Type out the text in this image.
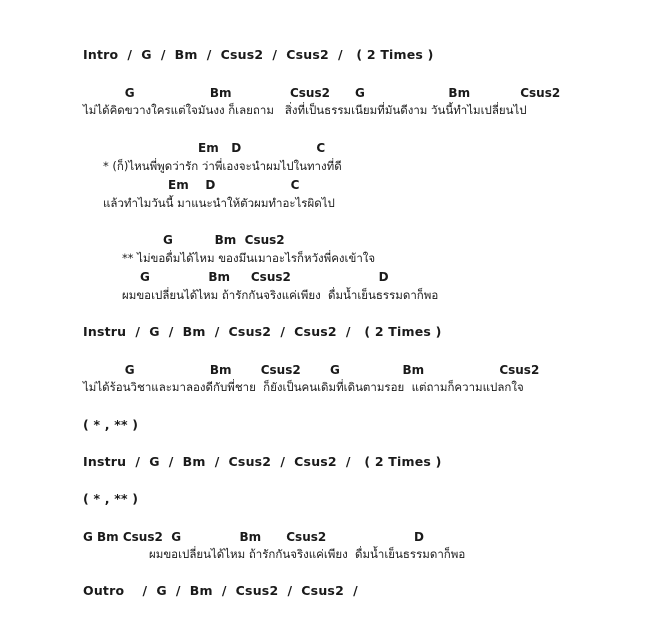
Intro  /  G  /  Bm  /  Csus2  /  Csus2  /   ( 2 Times )
G                  Bm              Csus2      G                    Bm            Csus2
ไม่ได้คิดขวางใครแต่ใจมันงง ก็เลยถาม   สิ่งที่เป็นธรรมเนียมที่มันดีงาม วันนี้ทำไมเปลี่ยนไป
Em   D                  C
* (ก็)ไหนพี่พูดว่ารัก ว่าพี่เองจะนำผมไปในทางที่ดี
Em    D                  C
แล้วทำไมวันนี้ มาแนะนำให้ตัวผมทำอะไรผิดไป
G          Bm  Csus2
** ไม่ขอดื่มได้ไหม ของมึนเมาอะไรก็หวังพี่คงเข้าใจ
G              Bm     Csus2                     D
ผมขอเปลี่ยนได้ไหม ถ้ารักกันจริงแค่เพียง  ดื่มน้ำเย็นธรรมดาก็พอ
Instru  /  G  /  Bm  /  Csus2  /  Csus2  /   ( 2 Times )
G                  Bm       Csus2       G               Bm                  Csus2
ไม่ได้ร้อนวิชาและมาลองดีกับพี่ชาย  ก็ยังเป็นคนเดิมที่เดินตามรอย  แต่ถามก็ความแปลกใจ
( * , ** )
Instru  /  G  /  Bm  /  Csus2  /  Csus2  /   ( 2 Times )
( * , ** )
G Bm Csus2  G              Bm      Csus2                     D
ผมขอเปลี่ยนได้ไหม ถ้ารักกันจริงแค่เพียง  ดื่มน้ำเย็นธรรมดาก็พอ
Outro    /  G  /  Bm  /  Csus2  /  Csus2  /
